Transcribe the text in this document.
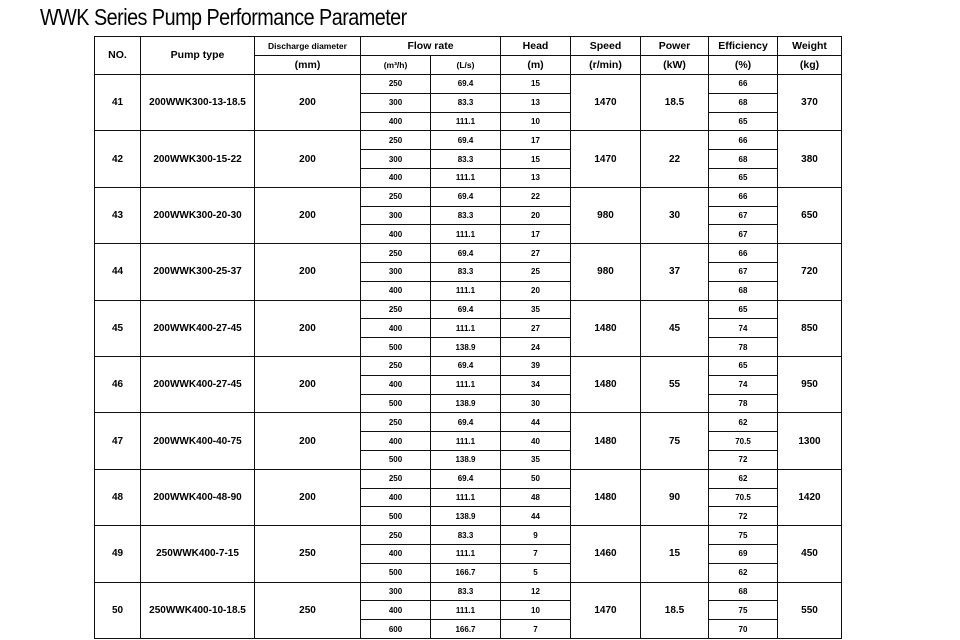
WWK Series Pump Performance Parameter
NO.	Pump type	Discharge diameter	Flow rate		Head	Speed	Power	Efficiency	Weight
		(mm)	(m³/h)	(L/s)	(m)	(r/min)	(kW)	(%)	(kg)
41	200WWK300-13-18.5	200	250	69.4	15	1470	18.5	66	370
			300	83.3	13			68	
			400	111.1	10			65	
42	200WWK300-15-22	200	250	69.4	17	1470	22	66	380
			300	83.3	15			68	
			400	111.1	13			65	
43	200WWK300-20-30	200	250	69.4	22	980	30	66	650
			300	83.3	20			67	
			400	111.1	17			67	
44	200WWK300-25-37	200	250	69.4	27	980	37	66	720
			300	83.3	25			67	
			400	111.1	20			68	
45	200WWK400-27-45	200	250	69.4	35	1480	45	65	850
			400	111.1	27			74	
			500	138.9	24			78	
46	200WWK400-27-45	200	250	69.4	39	1480	55	65	950
			400	111.1	34			74	
			500	138.9	30			78	
47	200WWK400-40-75	200	250	69.4	44	1480	75	62	1300
			400	111.1	40			70.5	
			500	138.9	35			72	
48	200WWK400-48-90	200	250	69.4	50	1480	90	62	1420
			400	111.1	48			70.5	
			500	138.9	44			72	
49	250WWK400-7-15	250	250	83.3	9	1460	15	75	450
			400	111.1	7			69	
			500	166.7	5			62	
50	250WWK400-10-18.5	250	300	83.3	12	1470	18.5	68	550
			400	111.1	10			75	
			600	166.7	7			70	
